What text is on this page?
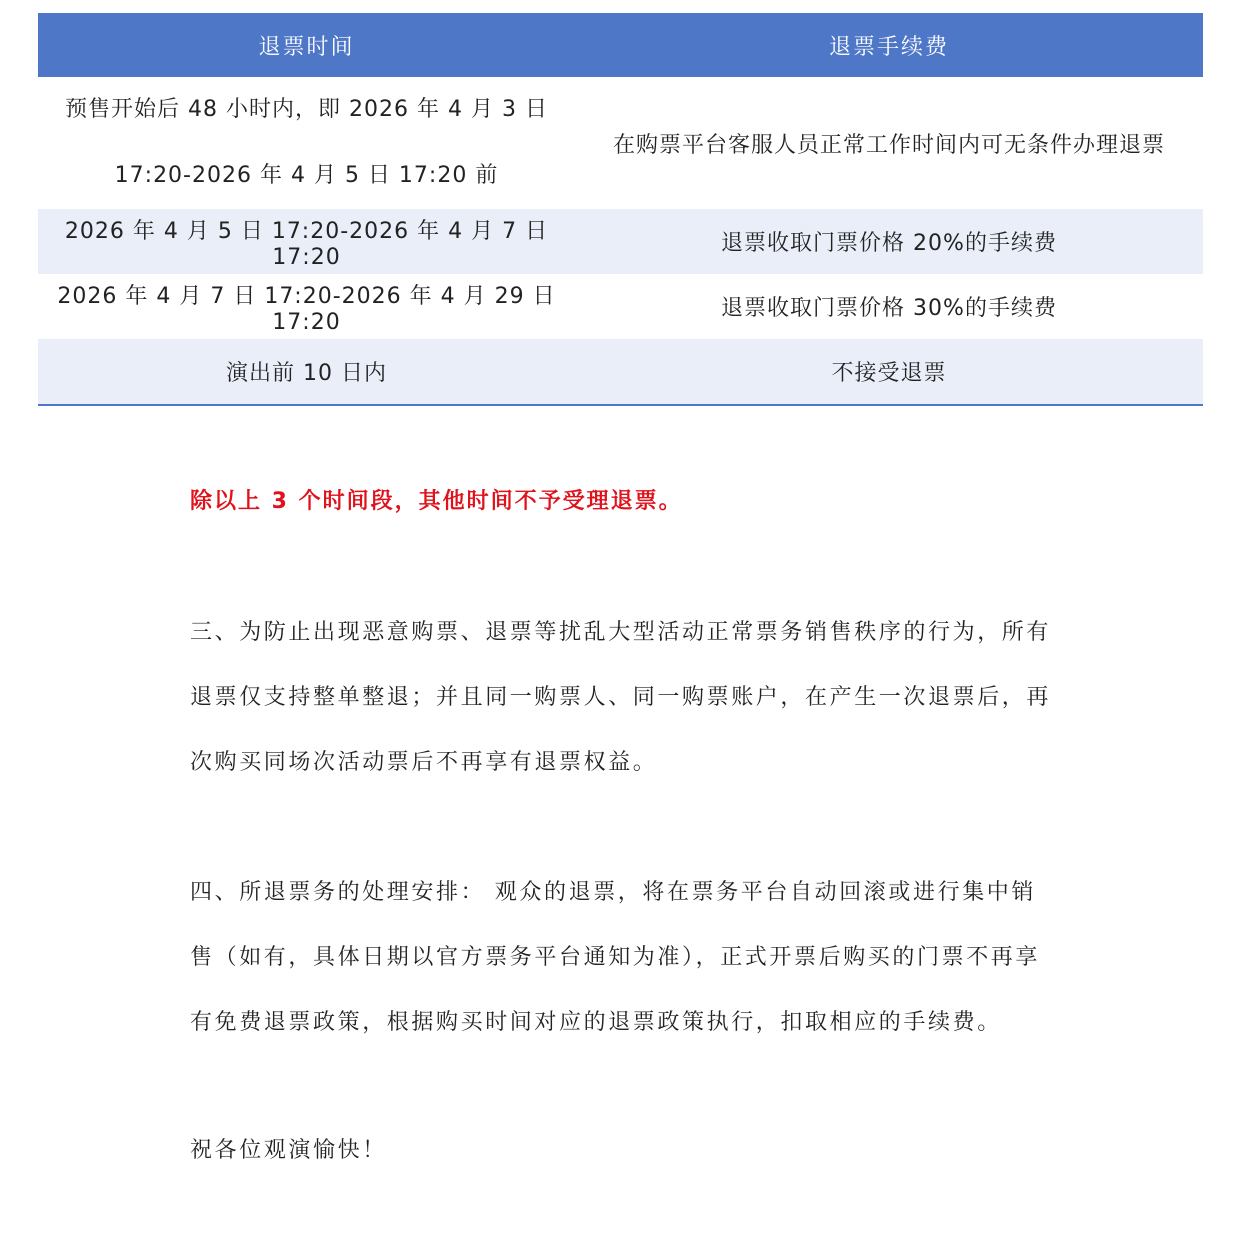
退票时间	退票手续费

预售开始后 48 小时内，即 2026 年 4 月 3 日
17:20-2026 年 4 月 5 日 17:20 前	在购票平台客服人员正常工作时间内可无条件办理退票
2026 年 4 月 5 日 17:20-2026 年 4 月 7 日 17:20	退票收取门票价格 20%的手续费
2026 年 4 月 7 日 17:20-2026 年 4 月 29 日 17:20	退票收取门票价格 30%的手续费
演出前 10 日内	不接受退票

除以上 3 个时间段，其他时间不予受理退票。

三、为防止出现恶意购票、退票等扰乱大型活动正常票务销售秩序的行为，所有
退票仅支持整单整退；并且同一购票人、同一购票账户，在产生一次退票后，再
次购买同场次活动票后不再享有退票权益。

四、所退票务的处理安排： 观众的退票，将在票务平台自动回滚或进行集中销
售（如有，具体日期以官方票务平台通知为准），正式开票后购买的门票不再享
有免费退票政策，根据购买时间对应的退票政策执行，扣取相应的手续费。

祝各位观演愉快！
